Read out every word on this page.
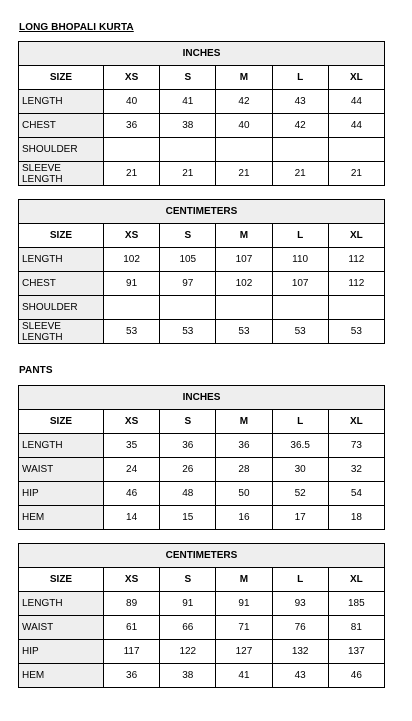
LONG BHOPALI KURTA
INCHES					
SIZE	XS	S	M	L	XL
LENGTH	40	41	42	43	44
CHEST	36	38	40	42	44
SHOULDER					
SLEEVE LENGTH	21	21	21	21	21
CENTIMETERS					
SIZE	XS	S	M	L	XL
LENGTH	102	105	107	110	112
CHEST	91	97	102	107	112
SHOULDER					
SLEEVE LENGTH	53	53	53	53	53
PANTS
INCHES					
SIZE	XS	S	M	L	XL
LENGTH	35	36	36	36.5	73
WAIST	24	26	28	30	32
HIP	46	48	50	52	54
HEM	14	15	16	17	18
CENTIMETERS					
SIZE	XS	S	M	L	XL
LENGTH	89	91	91	93	185
WAIST	61	66	71	76	81
HIP	117	122	127	132	137
HEM	36	38	41	43	46
